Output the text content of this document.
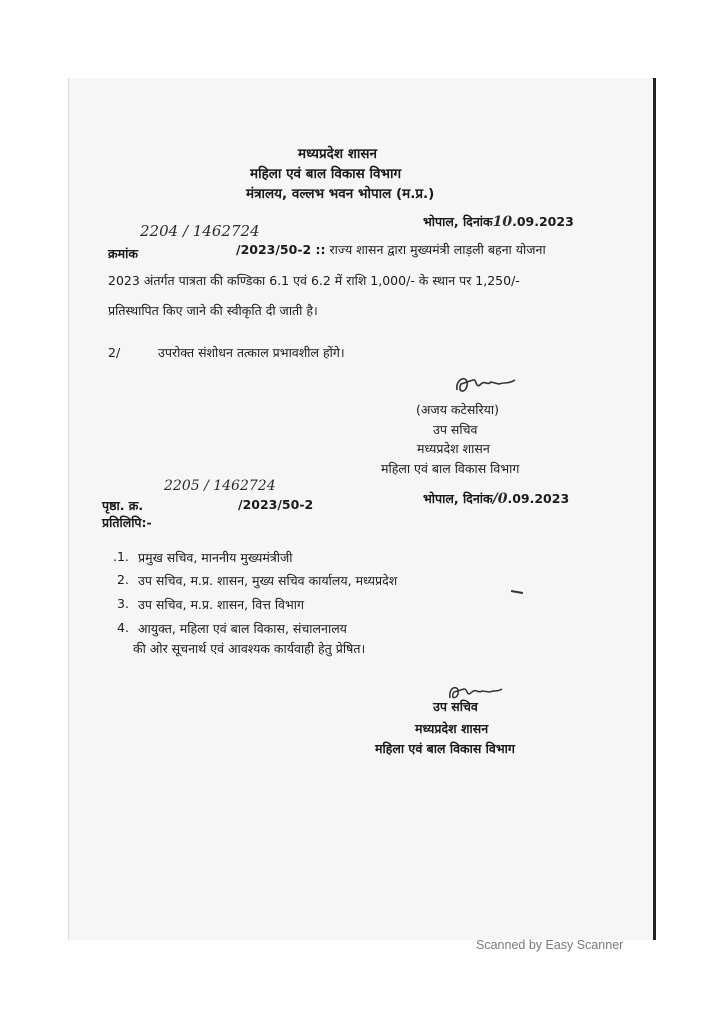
मध्यप्रदेश शासन
महिला एवं बाल विकास विभाग
मंत्रालय, वल्लभ भवन भोपाल (म.प्र.)
भोपाल, दिनांक10.09.2023
2204 / 1462724
क्रमांक	/2023/50-2 :: राज्य शासन द्वारा मुख्यमंत्री लाड़ली बहना योजना
2023 अंतर्गत पात्रता की कण्डिका 6.1 एवं 6.2 में राशि 1,000/- के स्थान पर 1,250/-
प्रतिस्थापित किए जाने की स्वीकृति दी जाती है।
2/	उपरोक्त संशोधन तत्काल प्रभावशील होंगे।
(अजय कटेसरिया)
उप सचिव
मध्यप्रदेश शासन
महिला एवं बाल विकास विभाग
2205 / 1462724
पृष्ठा. क्र.	/2023/50-2	भोपाल, दिनांक/0.09.2023
प्रतिलिपि:-
.1. प्रमुख सचिव, माननीय मुख्यमंत्रीजी
2. उप सचिव, म.प्र. शासन, मुख्य सचिव कार्यालय, मध्यप्रदेश
3. उप सचिव, म.प्र. शासन, वित्त विभाग
4. आयुक्त, महिला एवं बाल विकास, संचालनालय
की ओर सूचनार्थ एवं आवश्यक कार्यवाही हेतु प्रेषित।
उप सचिव
मध्यप्रदेश शासन
महिला एवं बाल विकास विभाग
Scanned by Easy Scanner
